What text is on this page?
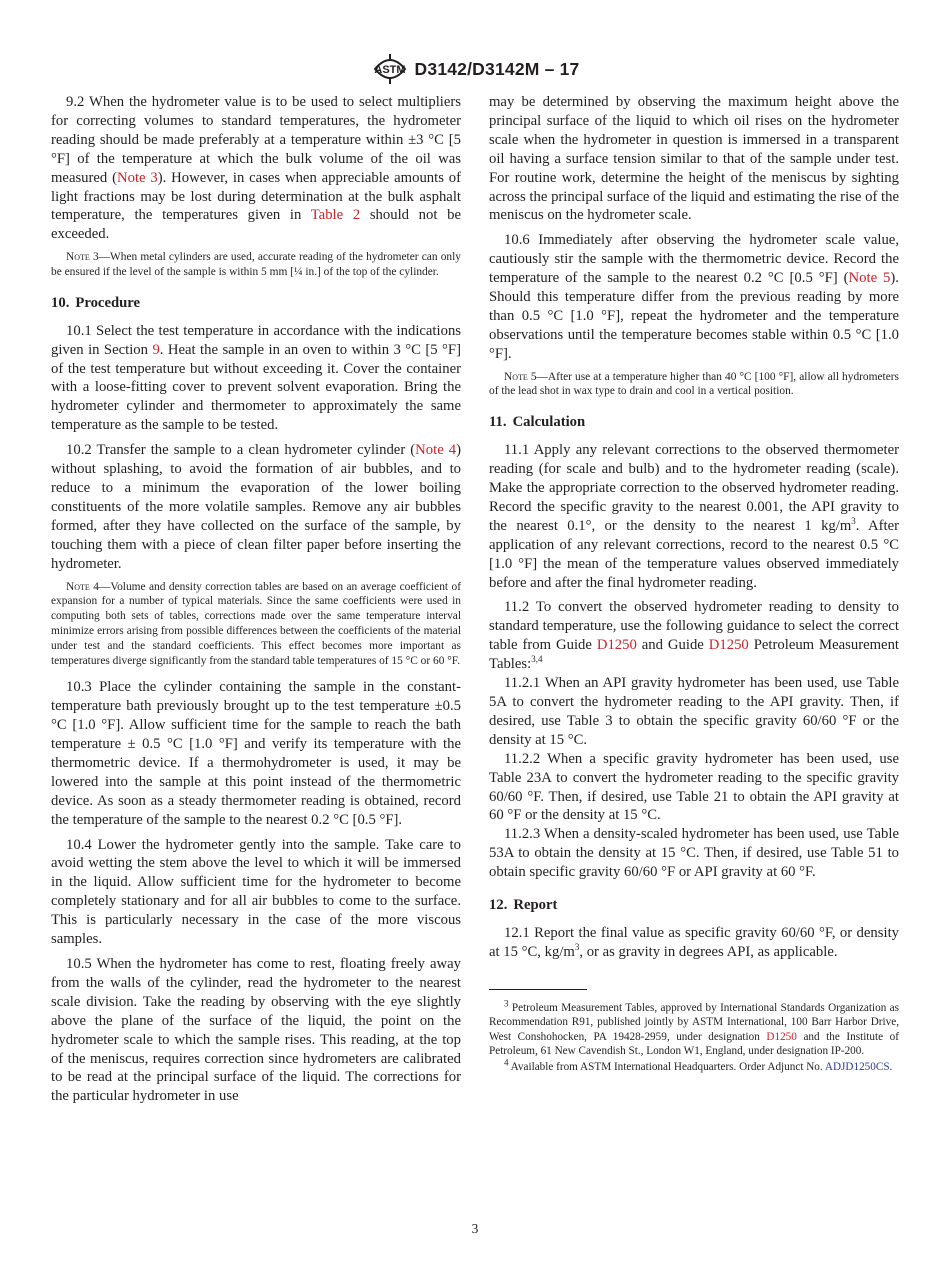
ASTM D3142/D3142M – 17

9.2 When the hydrometer value is to be used to select multipliers for correcting volumes to standard temperatures, the hydrometer reading should be made preferably at a temperature within ±3 °C [5 °F] of the temperature at which the bulk volume of the oil was measured (Note 3). However, in cases when appreciable amounts of light fractions may be lost during determination at the bulk asphalt temperature, the temperatures given in Table 2 should not be exceeded.

Note 3—When metal cylinders are used, accurate reading of the hydrometer can only be ensured if the level of the sample is within 5 mm [¼ in.] of the top of the cylinder.

10. Procedure

10.1 Select the test temperature in accordance with the indications given in Section 9. Heat the sample in an oven to within 3 °C [5 °F] of the test temperature but without exceeding it. Cover the container with a loose-fitting cover to prevent solvent evaporation. Bring the hydrometer cylinder and thermometer to approximately the same temperature as the sample to be tested.

10.2 Transfer the sample to a clean hydrometer cylinder (Note 4) without splashing, to avoid the formation of air bubbles, and to reduce to a minimum the evaporation of the lower boiling constituents of the more volatile samples. Remove any air bubbles formed, after they have collected on the surface of the sample, by touching them with a piece of clean filter paper before inserting the hydrometer.

Note 4—Volume and density correction tables are based on an average coefficient of expansion for a number of typical materials. Since the same coefficients were used in computing both sets of tables, corrections made over the same temperature interval minimize errors arising from possible differences between the coefficients of the material under test and the standard coefficients. This effect becomes more important as temperatures diverge significantly from the standard table temperatures of 15 °C or 60 °F.

10.3 Place the cylinder containing the sample in the constant-temperature bath previously brought up to the test temperature ±0.5 °C [1.0 °F]. Allow sufficient time for the sample to reach the bath temperature ± 0.5 °C [1.0 °F] and verify its temperature with the thermometric device. If a thermohydrometer is used, it may be lowered into the sample at this point instead of the thermometric device. As soon as a steady thermometer reading is obtained, record the temperature of the sample to the nearest 0.2 °C [0.5 °F].

10.4 Lower the hydrometer gently into the sample. Take care to avoid wetting the stem above the level to which it will be immersed in the liquid. Allow sufficient time for the hydrometer to become completely stationary and for all air bubbles to come to the surface. This is particularly necessary in the case of the more viscous samples.

10.5 When the hydrometer has come to rest, floating freely away from the walls of the cylinder, read the hydrometer to the nearest scale division. Take the reading by observing with the eye slightly above the plane of the surface of the liquid, the point on the hydrometer scale to which the sample rises. This reading, at the top of the meniscus, requires correction since hydrometers are calibrated to be read at the principal surface of the liquid. The corrections for the particular hydrometer in use

may be determined by observing the maximum height above the principal surface of the liquid to which oil rises on the hydrometer scale when the hydrometer in question is immersed in a transparent oil having a surface tension similar to that of the sample under test. For routine work, determine the height of the meniscus by sighting across the principal surface of the liquid and estimating the rise of the meniscus on the hydrometer scale.

10.6 Immediately after observing the hydrometer scale value, cautiously stir the sample with the thermometric device. Record the temperature of the sample to the nearest 0.2 °C [0.5 °F] (Note 5). Should this temperature differ from the previous reading by more than 0.5 °C [1.0 °F], repeat the hydrometer and the temperature observations until the temperature becomes stable within 0.5 °C [1.0 °F].

Note 5—After use at a temperature higher than 40 °C [100 °F], allow all hydrometers of the lead shot in wax type to drain and cool in a vertical position.

11. Calculation

11.1 Apply any relevant corrections to the observed thermometer reading (for scale and bulb) and to the hydrometer reading (scale). Make the appropriate correction to the observed hydrometer reading. Record the specific gravity to the nearest 0.001, the API gravity to the nearest 0.1°, or the density to the nearest 1 $kg/m^3$. After application of any relevant corrections, record to the nearest 0.5 °C [1.0 °F] the mean of the temperature values observed immediately before and after the final hydrometer reading.

11.2 To convert the observed hydrometer reading to density to standard temperature, use the following guidance to select the correct table from Guide D1250 and Guide D1250 Petroleum Measurement Tables:$^{3,4}$

11.2.1 When an API gravity hydrometer has been used, use Table 5A to convert the hydrometer reading to the API gravity. Then, if desired, use Table 3 to obtain the specific gravity 60/60 °F or the density at 15 °C.

11.2.2 When a specific gravity hydrometer has been used, use Table 23A to convert the hydrometer reading to the specific gravity 60/60 °F. Then, if desired, use Table 21 to obtain the API gravity at 60 °F or the density at 15 °C.

11.2.3 When a density-scaled hydrometer has been used, use Table 53A to obtain the density at 15 °C. Then, if desired, use Table 51 to obtain specific gravity 60/60 °F or API gravity at 60 °F.

12. Report

12.1 Report the final value as specific gravity 60/60 °F, or density at 15 °C, $kg/m^3$, or as gravity in degrees API, as applicable.

$^3$ Petroleum Measurement Tables, approved by International Standards Organization as Recommendation R91, published jointly by ASTM International, 100 Barr Harbor Drive, West Conshohocken, PA 19428-2959, under designation D1250 and the Institute of Petroleum, 61 New Cavendish St., London W1, England, under designation IP-200.

$^4$ Available from ASTM International Headquarters. Order Adjunct No. ADJD1250CS.

3
